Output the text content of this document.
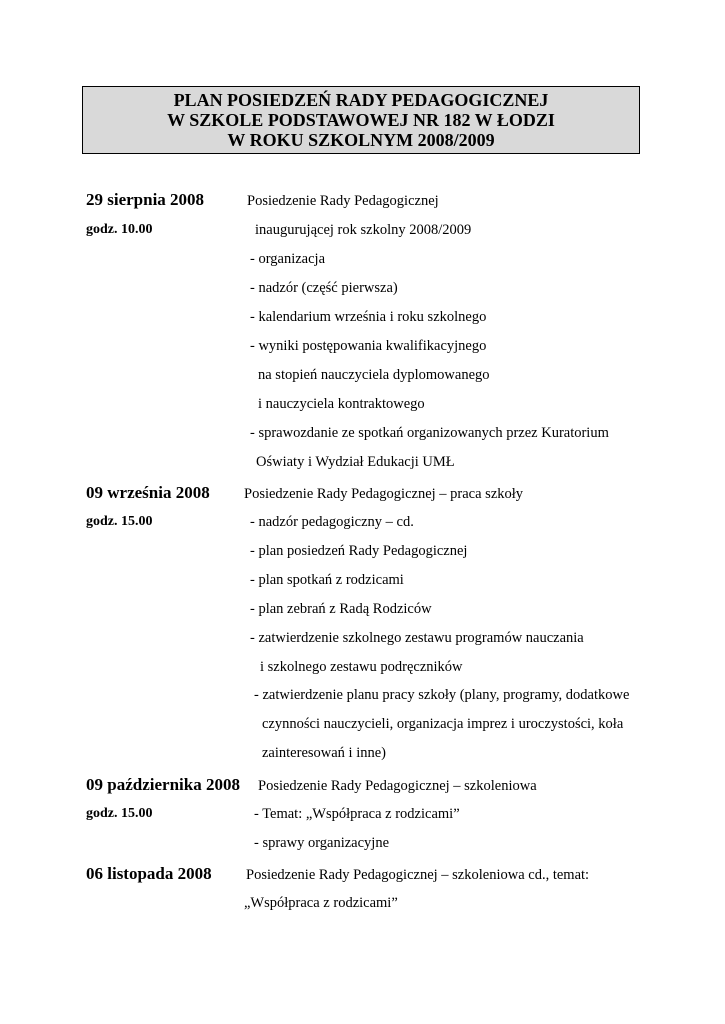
PLAN POSIEDZEŃ RADY PEDAGOGICZNEJ
W SZKOLE PODSTAWOWEJ NR 182 W ŁODZI
W ROKU SZKOLNYM 2008/2009
29 sierpnia 2008	Posiedzenie Rady Pedagogicznej
godz. 10.00	inaugurującej rok szkolny 2008/2009
- organizacja
- nadzór (część pierwsza)
- kalendarium września i roku szkolnego
- wyniki postępowania kwalifikacyjnego
na stopień nauczyciela dyplomowanego
i nauczyciela kontraktowego
- sprawozdanie ze spotkań organizowanych przez Kuratorium
Oświaty i Wydział Edukacji UMŁ
09 września 2008 Posiedzenie Rady Pedagogicznej – praca szkoły
godz. 15.00	- nadzór pedagogiczny – cd.
- plan posiedzeń Rady Pedagogicznej
- plan spotkań z rodzicami
- plan zebrań z Radą Rodziców
- zatwierdzenie szkolnego zestawu programów nauczania
i szkolnego zestawu podręczników
- zatwierdzenie planu pracy szkoły (plany, programy, dodatkowe
czynności nauczycieli, organizacja imprez i uroczystości, koła
zainteresowań i inne)
09 października 2008 Posiedzenie Rady Pedagogicznej – szkoleniowa
godz. 15.00	- Temat: „Współpraca z rodzicami”
- sprawy organizacyjne
06 listopada 2008 Posiedzenie Rady Pedagogicznej – szkoleniowa cd., temat:
„Współpraca z rodzicami”
